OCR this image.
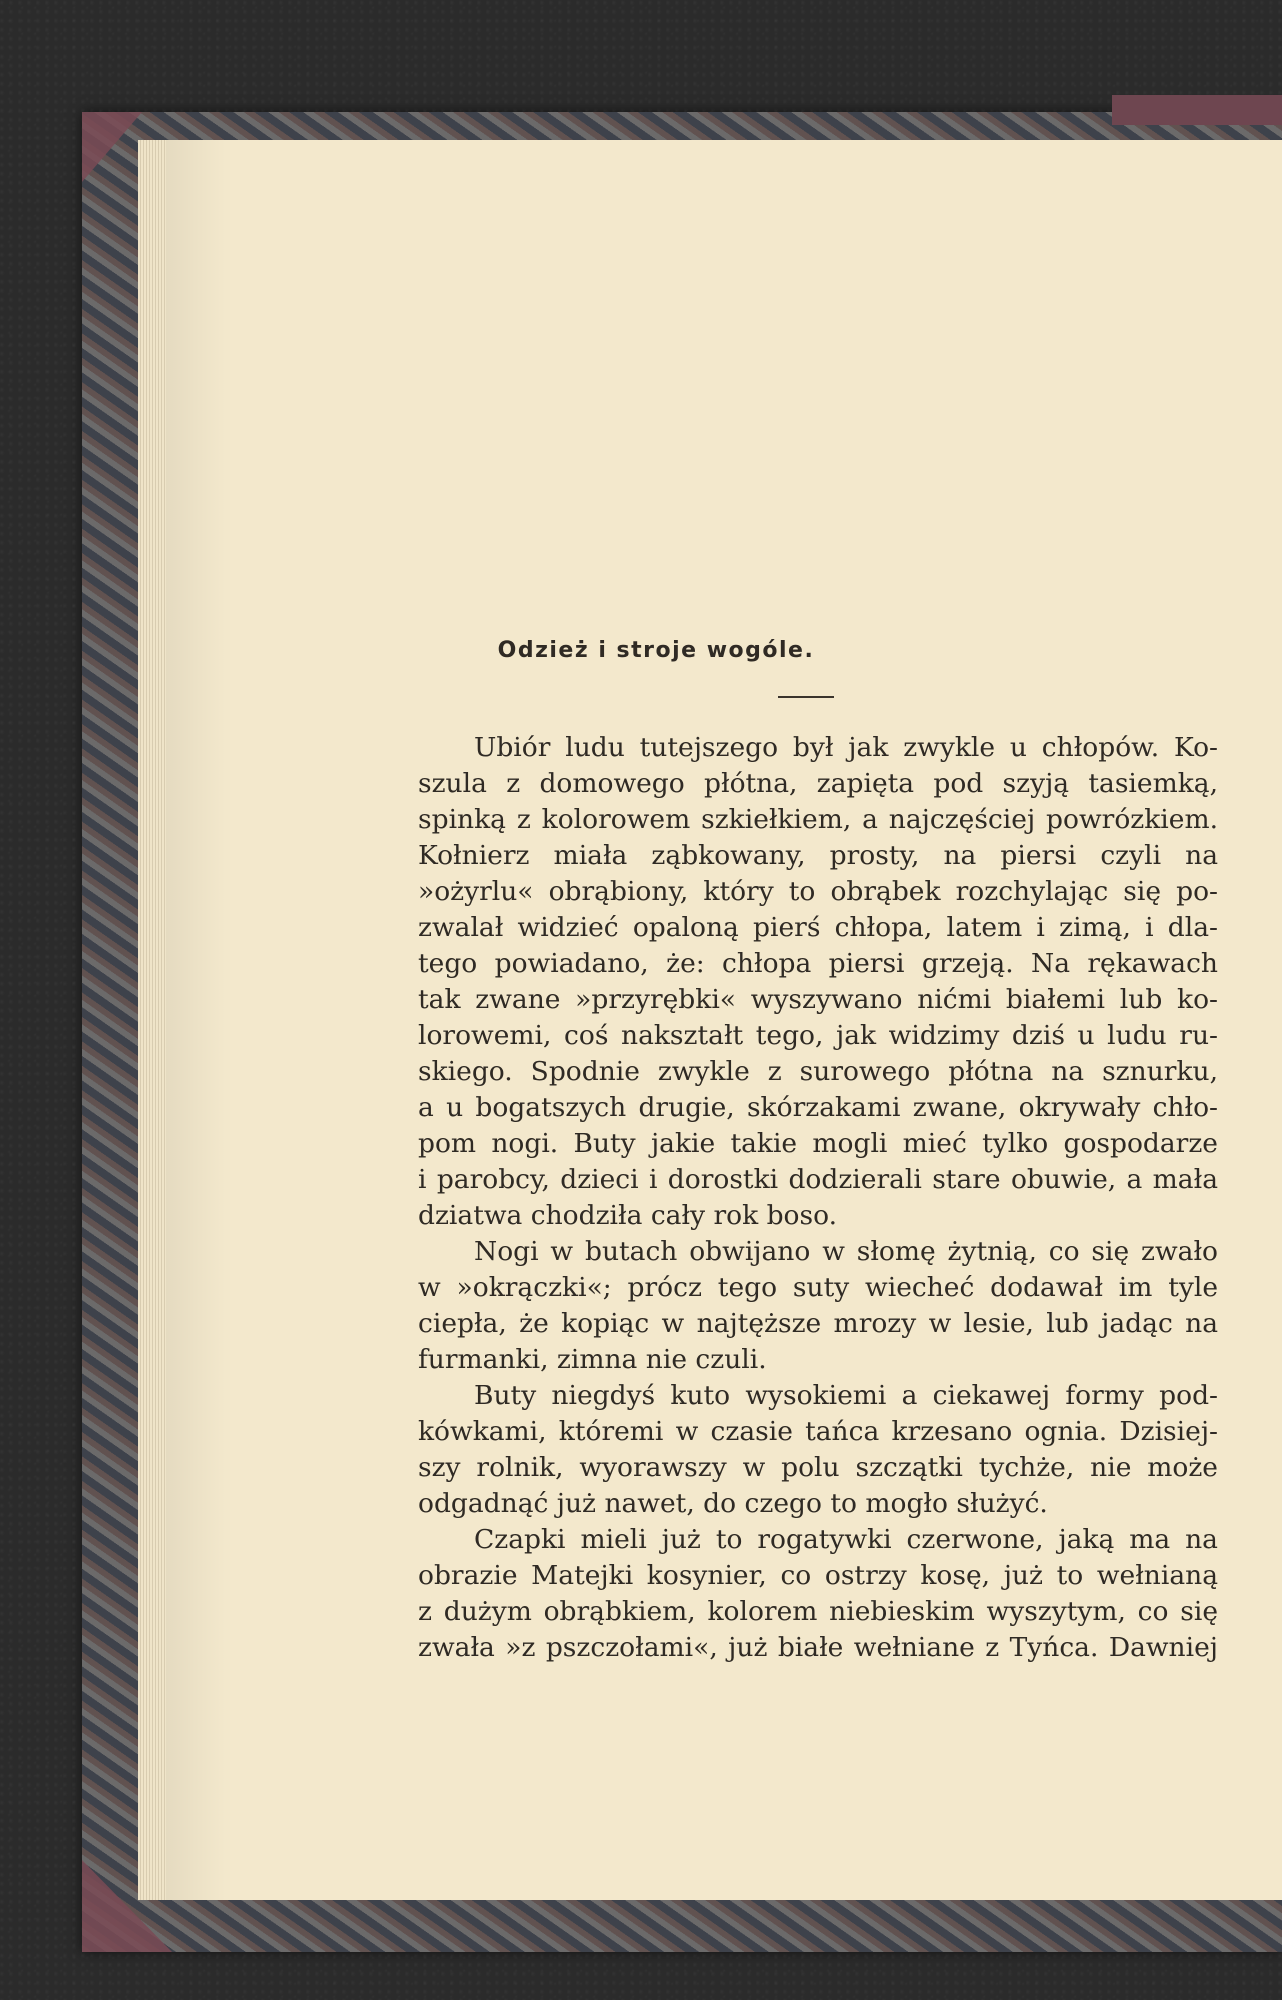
Odzież i stroje wogóle.
Ubiór ludu tutejszego był jak zwykle u chłopów. Ko-
szula z domowego płótna, zapięta pod szyją tasiemką,
spinką z kolorowem szkiełkiem, a najczęściej powrózkiem.
Kołnierz miała ząbkowany, prosty, na piersi czyli na
»ożyrlu« obrąbiony, który to obrąbek rozchylając się po-
zwalał widzieć opaloną pierś chłopa, latem i zimą, i dla-
tego powiadano, że: chłopa piersi grzeją. Na rękawach
tak zwane »przyrębki« wyszywano nićmi białemi lub ko-
lorowemi, coś nakształt tego, jak widzimy dziś u ludu ru-
skiego. Spodnie zwykle z surowego płótna na sznurku,
a u bogatszych drugie, skórzakami zwane, okrywały chło-
pom nogi. Buty jakie takie mogli mieć tylko gospodarze
i parobcy, dzieci i dorostki dodzierali stare obuwie, a mała
dziatwa chodziła cały rok boso.
Nogi w butach obwijano w słomę żytnią, co się zwało
w »okrączki«; prócz tego suty wiecheć dodawał im tyle
ciepła, że kopiąc w najtęższe mrozy w lesie, lub jadąc na
furmanki, zimna nie czuli.
Buty niegdyś kuto wysokiemi a ciekawej formy pod-
kówkami, któremi w czasie tańca krzesano ognia. Dzisiej-
szy rolnik, wyorawszy w polu szczątki tychże, nie może
odgadnąć już nawet, do czego to mogło służyć.
Czapki mieli już to rogatywki czerwone, jaką ma na
obrazie Matejki kosynier, co ostrzy kosę, już to wełnianą
z dużym obrąbkiem, kolorem niebieskim wyszytym, co się
zwała »z pszczołami«, już białe wełniane z Tyńca. Dawniej
